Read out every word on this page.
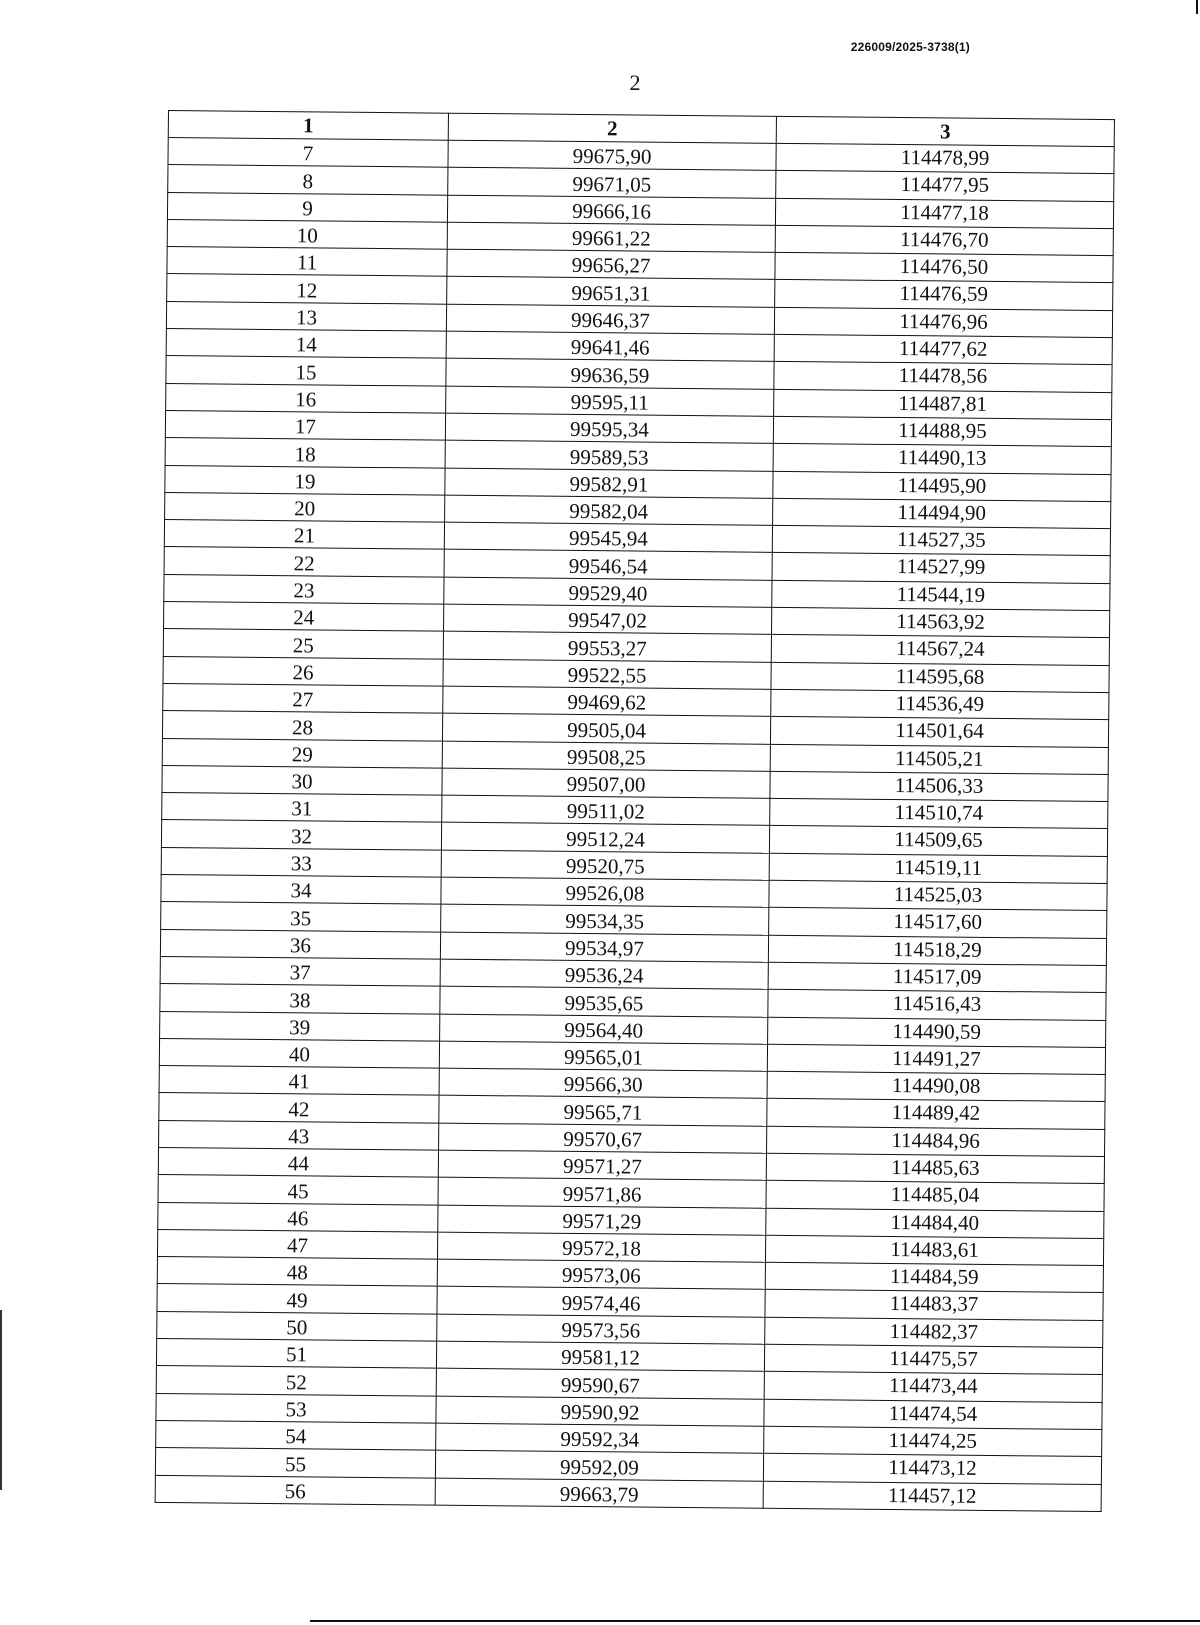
226009/2025-3738(1)
2
1	2	3
7	99675,90	114478,99
8	99671,05	114477,95
9	99666,16	114477,18
10	99661,22	114476,70
11	99656,27	114476,50
12	99651,31	114476,59
13	99646,37	114476,96
14	99641,46	114477,62
15	99636,59	114478,56
16	99595,11	114487,81
17	99595,34	114488,95
18	99589,53	114490,13
19	99582,91	114495,90
20	99582,04	114494,90
21	99545,94	114527,35
22	99546,54	114527,99
23	99529,40	114544,19
24	99547,02	114563,92
25	99553,27	114567,24
26	99522,55	114595,68
27	99469,62	114536,49
28	99505,04	114501,64
29	99508,25	114505,21
30	99507,00	114506,33
31	99511,02	114510,74
32	99512,24	114509,65
33	99520,75	114519,11
34	99526,08	114525,03
35	99534,35	114517,60
36	99534,97	114518,29
37	99536,24	114517,09
38	99535,65	114516,43
39	99564,40	114490,59
40	99565,01	114491,27
41	99566,30	114490,08
42	99565,71	114489,42
43	99570,67	114484,96
44	99571,27	114485,63
45	99571,86	114485,04
46	99571,29	114484,40
47	99572,18	114483,61
48	99573,06	114484,59
49	99574,46	114483,37
50	99573,56	114482,37
51	99581,12	114475,57
52	99590,67	114473,44
53	99590,92	114474,54
54	99592,34	114474,25
55	99592,09	114473,12
56	99663,79	114457,12
